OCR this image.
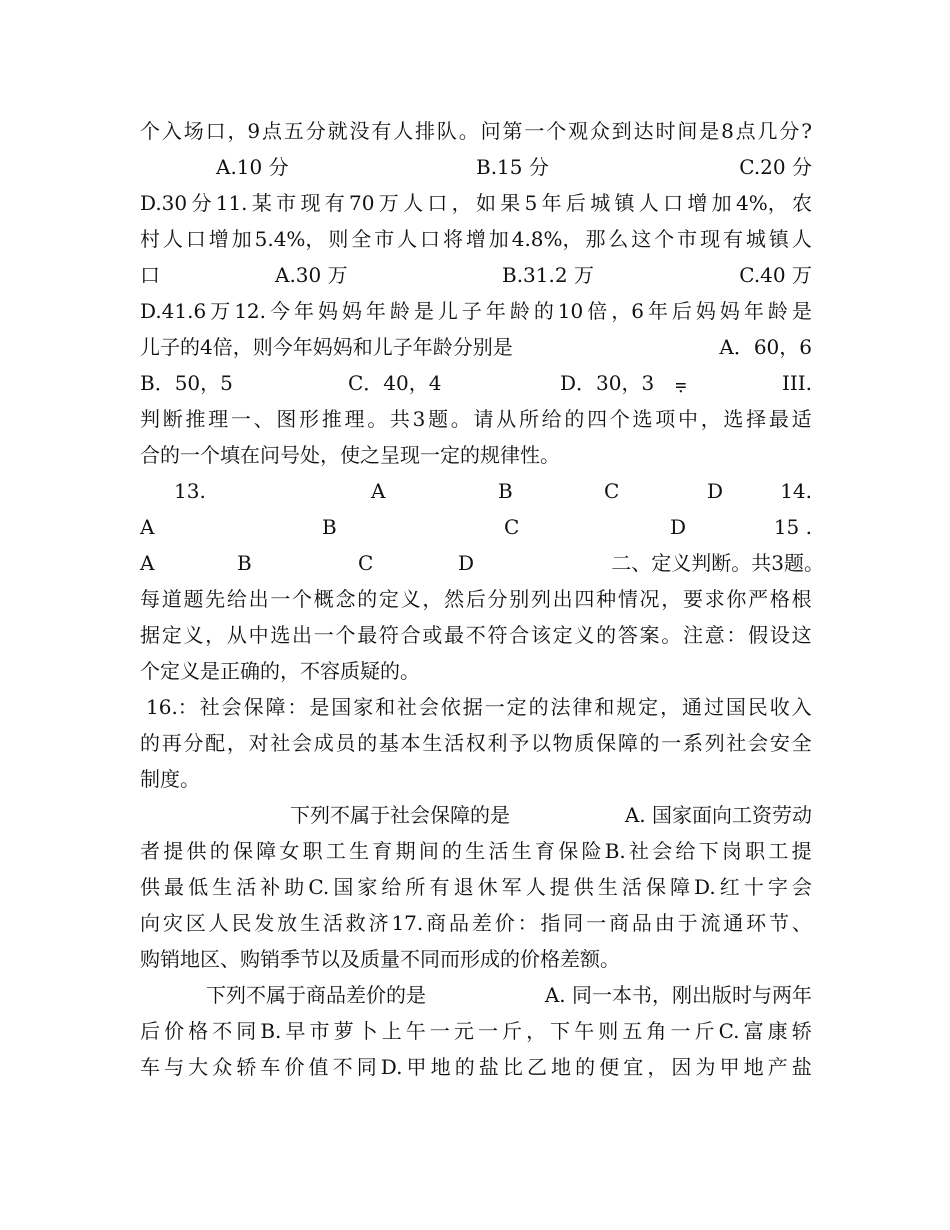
个 入 场 口 ，9 点 五 分 就 没 有 人 排 队 。 问 第 一 个 观 众 到 达 时 间 是 8 点 几 分 ?
A.10 分	B.15 分	C.20 分
D.30 分 11. 某 市 现 有 70 万 人 口 ， 如 果 5 年 后 城 镇 人 口 增 加 4%， 农
村 人 口 增 加 5.4%， 则 全 市 人 口 将 增 加 4.8%， 那 么 这 个 市 现 有 城 镇 人
口	A.30 万	B.31.2 万	C.40 万
D.41.6 万 12. 今 年 妈 妈 年 龄 是 儿 子 年 龄 的 10 倍 ，6 年 后 妈 妈 年 龄 是
儿子的4倍，则今年妈妈和儿子年龄分别是	A．60，6
B．50，5	C．40，4	D．30，3 ⩦	III.
判 断 推 理 一 、 图 形 推 理 。 共 3 题 。 请 从 所 给 的 四 个 选 项 中 ， 选 择 最 适
合的一个填在问号处，使之呈现一定的规律性。
13.	A	B	C	D	14.
A	B	C	D	15 .
A	B	C	D	二、定义判断。共3题。
每 道 题 先 给 出 一 个 概 念 的 定 义 ， 然 后 分 别 列 出 四 种 情 况 ， 要 求 你 严 格 根
据 定 义 ， 从 中 选 出 一 个 最 符 合 或 最 不 符 合 该 定 义 的 答 案 。 注 意 ： 假 设 这
个定义是正确的，不容质疑的。
16.： 社 会 保 障 ： 是 国 家 和 社 会 依 据 一 定 的 法 律 和 规 定 ， 通 过 国 民 收 入
的 再 分 配 ， 对 社 会 成 员 的 基 本 生 活 权 利 予 以 物 质 保 障 的 一 系 列 社 会 安 全
制度。
下列不属于社会保障的是	A. 国家面向工资劳动
者 提 供 的 保 障 女 职 工 生 育 期 间 的 生 活 生 育 保 险 B. 社 会 给 下 岗 职 工 提
供 最 低 生 活 补 助 C. 国 家 给 所 有 退 休 军 人 提 供 生 活 保 障 D. 红 十 字 会
向 灾 区 人 民 发 放 生 活 救 济 17. 商 品 差 价 ： 指 同 一 商 品 由 于 流 通 环 节 、
购销地区、购销季节以及质量不同而形成的价格差额。
下列不属于商品差价的是	A. 同一本书，刚出版时与两年
后 价 格 不 同 B. 早 市 萝 卜 上 午 一 元 一 斤 ， 下 午 则 五 角 一 斤 C. 富 康 轿
车 与 大 众 轿 车 价 值 不 同 D. 甲 地 的 盐 比 乙 地 的 便 宜 ， 因 为 甲 地 产 盐
